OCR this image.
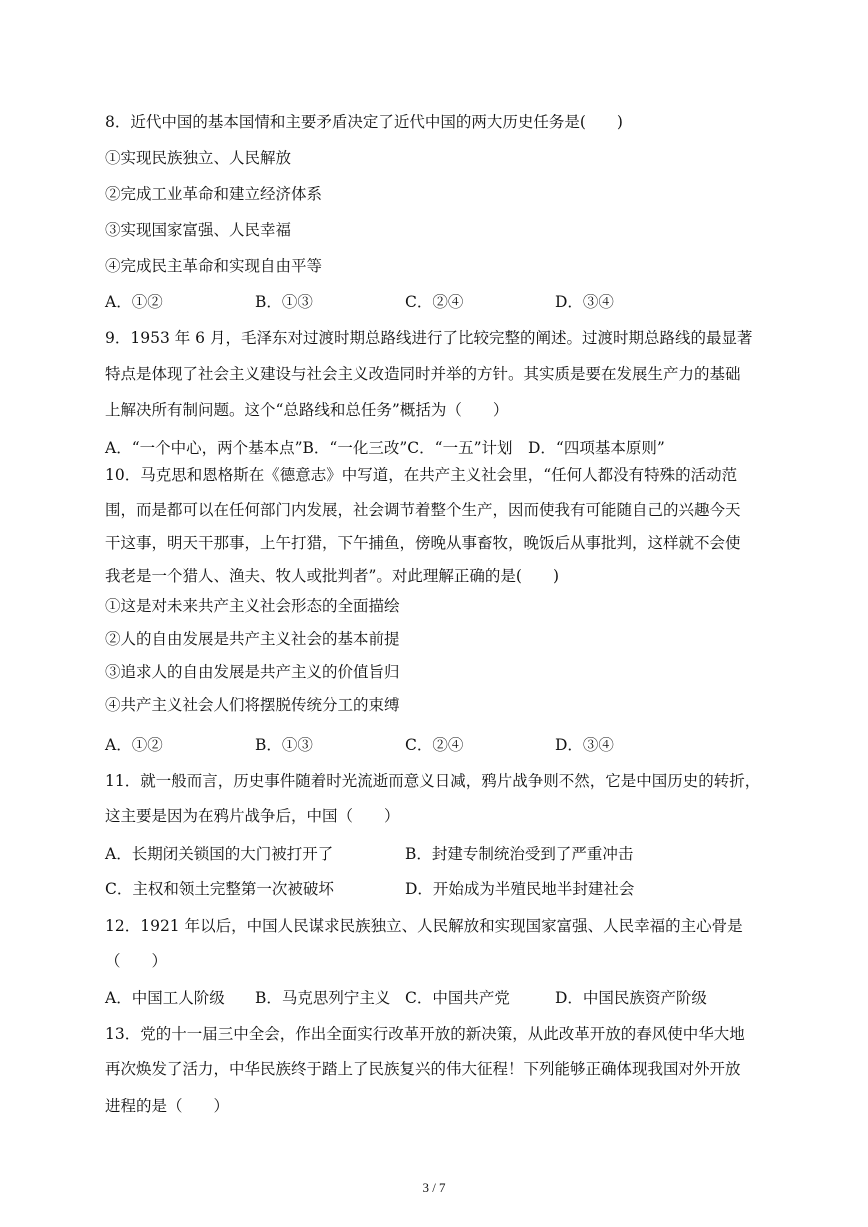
8．近代中国的基本国情和主要矛盾决定了近代中国的两大历史任务是(　　)
①实现民族独立、人民解放
②完成工业革命和建立经济体系
③实现国家富强、人民幸福
④完成民主革命和实现自由平等
A．①②	B．①③	C．②④	D．③④
9．1953 年 6 月，毛泽东对过渡时期总路线进行了比较完整的阐述。过渡时期总路线的最显著
特点是体现了社会主义建设与社会主义改造同时并举的方针。其实质是要在发展生产力的基础
上解决所有制问题。这个“总路线和总任务”概括为（　　）
A．“一个中心，两个基本点”B．“一化三改”C．“一五”计划　D．“四项基本原则”
10．马克思和恩格斯在《德意志》中写道，在共产主义社会里，“任何人都没有特殊的活动范
围，而是都可以在任何部门内发展，社会调节着整个生产，因而使我有可能随自己的兴趣今天
干这事，明天干那事，上午打猎，下午捕鱼，傍晚从事畜牧，晚饭后从事批判，这样就不会使
我老是一个猎人、渔夫、牧人或批判者”。对此理解正确的是(　　)
①这是对未来共产主义社会形态的全面描绘
②人的自由发展是共产主义社会的基本前提
③追求人的自由发展是共产主义的价值旨归
④共产主义社会人们将摆脱传统分工的束缚
A．①②	B．①③	C．②④	D．③④
11．就一般而言，历史事件随着时光流逝而意义日减，鸦片战争则不然，它是中国历史的转折，
这主要是因为在鸦片战争后，中国（　　）
A．长期闭关锁国的大门被打开了	B．封建专制统治受到了严重冲击
C．主权和领土完整第一次被破坏	D．开始成为半殖民地半封建社会
12．1921 年以后，中国人民谋求民族独立、人民解放和实现国家富强、人民幸福的主心骨是
（　　）
A．中国工人阶级 B．马克思列宁主义 C．中国共产党	D．中国民族资产阶级
13．党的十一届三中全会，作出全面实行改革开放的新决策，从此改革开放的春风使中华大地
再次焕发了活力，中华民族终于踏上了民族复兴的伟大征程！下列能够正确体现我国对外开放
进程的是（　　）
3 / 7
